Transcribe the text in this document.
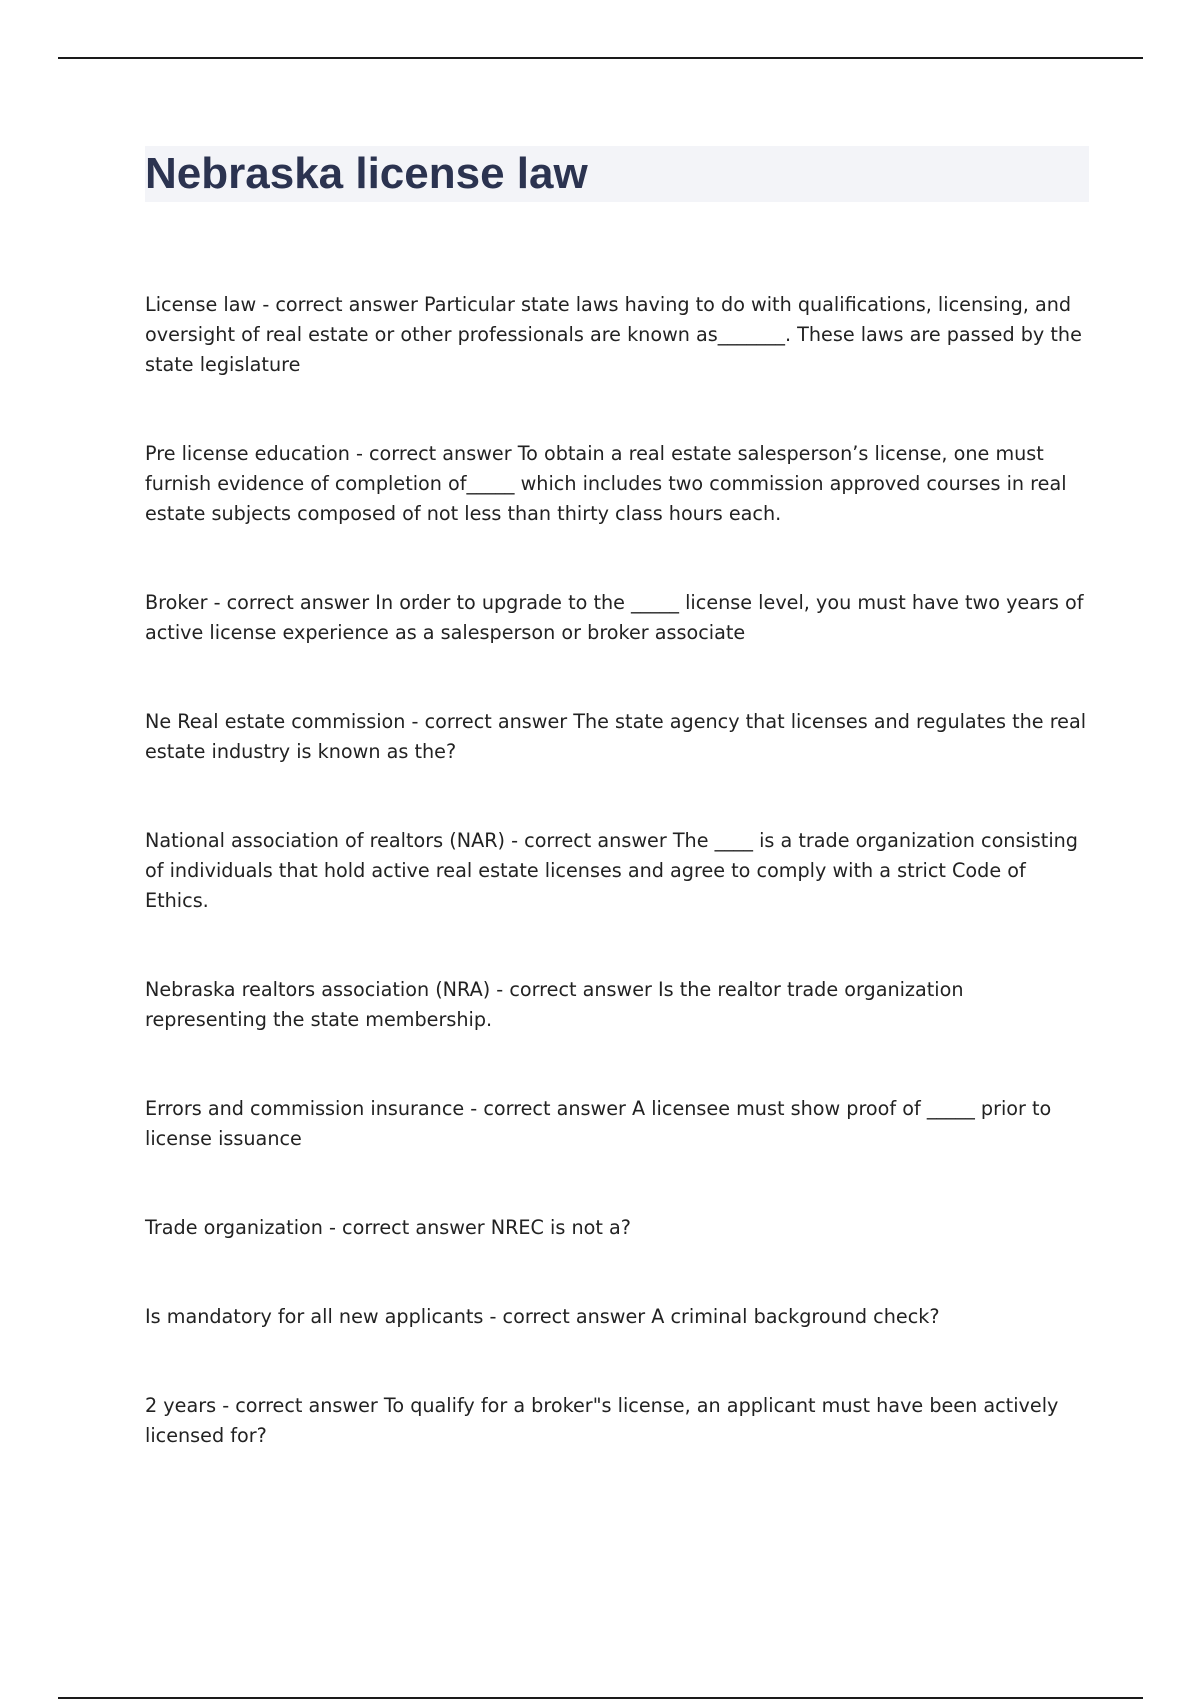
Nebraska license law
License law - correct answer Particular state laws having to do with qualifications, licensing, and oversight of real estate or other professionals are known as_______. These laws are passed by the state legislature
Pre license education - correct answer To obtain a real estate salesperson’s license, one must furnish evidence of completion of_____ which includes two commission approved courses in real estate subjects composed of not less than thirty class hours each.
Broker - correct answer In order to upgrade to the _____ license level, you must have two years of active license experience as a salesperson or broker associate
Ne Real estate commission - correct answer The state agency that licenses and regulates the real estate industry is known as the?
National association of realtors (NAR) - correct answer The ____ is a trade organization consisting of individuals that hold active real estate licenses and agree to comply with a strict Code of Ethics.
Nebraska realtors association (NRA) - correct answer Is the realtor trade organization representing the state membership.
Errors and commission insurance - correct answer A licensee must show proof of _____ prior to license issuance
Trade organization - correct answer NREC is not a?
Is mandatory for all new applicants - correct answer A criminal background check?
2 years - correct answer To qualify for a broker"s license, an applicant must have been actively licensed for?
